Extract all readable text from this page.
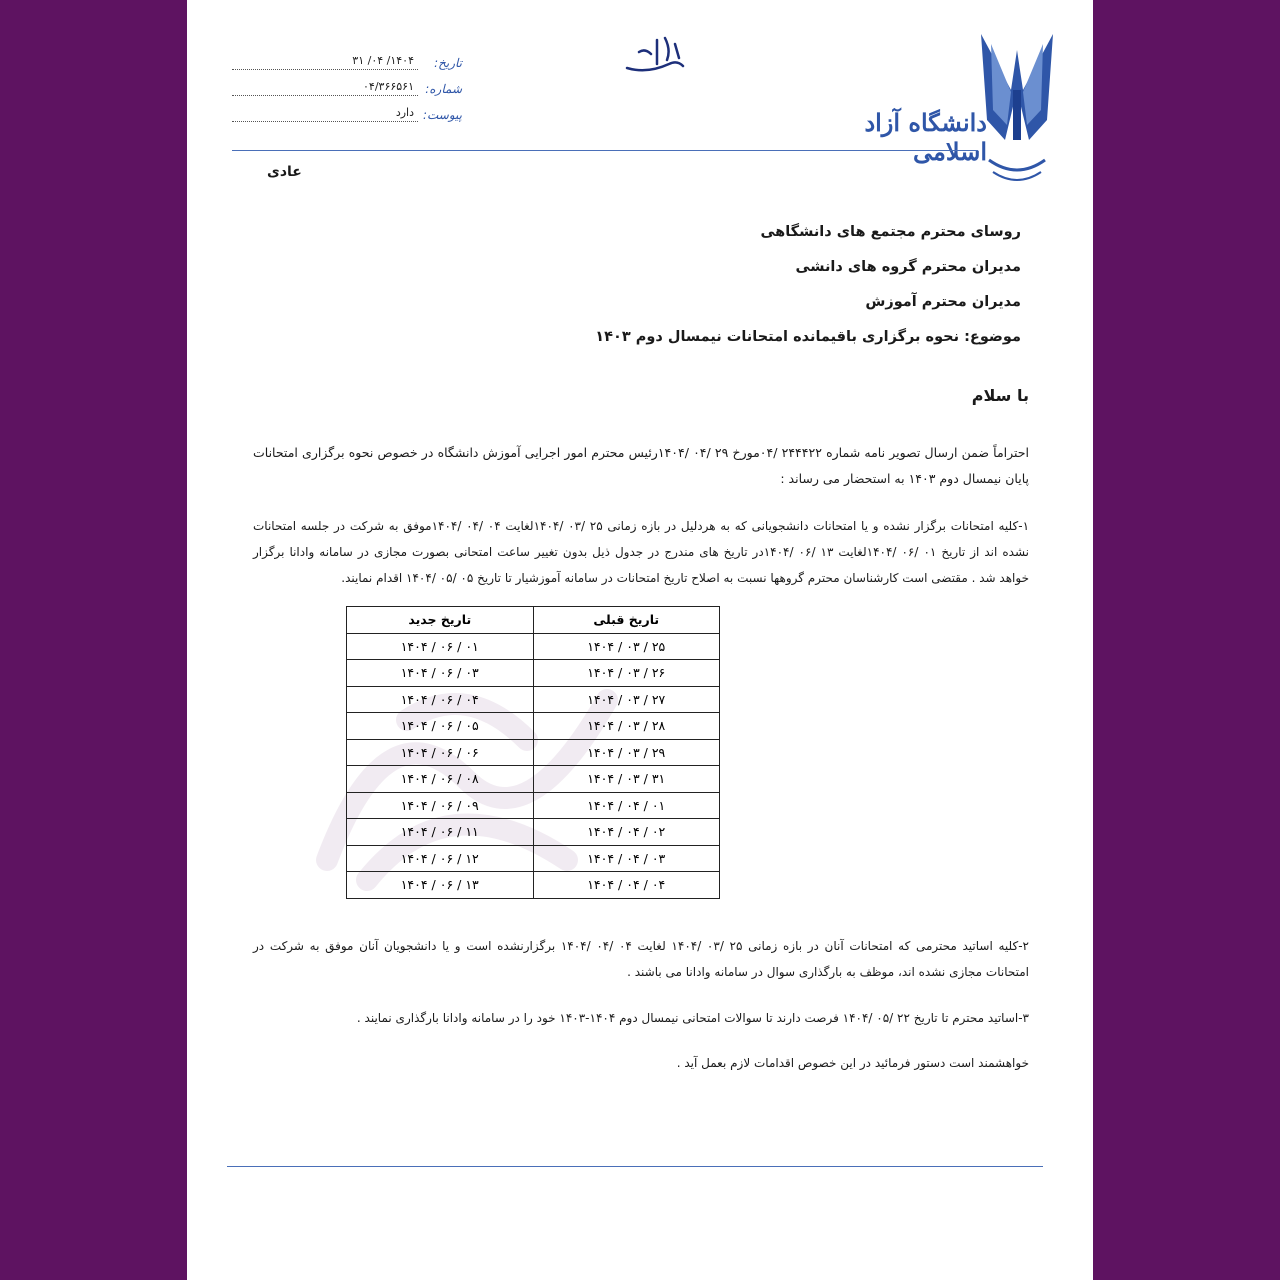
تاریخ:
۱۴۰۴/ ۰۴/ ۳۱
شماره:
۰۴/۳۶۶۵۶۱
پیوست:
دارد	دانشگاه آزاد اسلامی
عادی
روسای محترم مجتمع های دانشگاهی
مدیران محترم گروه های دانشی
مدیران محترم آموزش
موضوع: نحوه برگزاری باقیمانده امتحانات نیمسال دوم ۱۴۰۳
با سلام
احتراماً ضمن ارسال تصویر نامه شماره ۲۴۴۴۲۲ /۰۴مورخ ۲۹ /۰۴ /۱۴۰۴رئیس محترم امور اجرایی آموزش دانشگاه در خصوص نحوه برگزاری امتحانات پایان نیمسال دوم ۱۴۰۳ به استحضار می رساند :
۱-کلیه امتحانات برگزار نشده و یا امتحانات دانشجویانی که به هردلیل در بازه زمانی ۲۵ /۰۳ /۱۴۰۴لغایت ۰۴ /۰۴ /۱۴۰۴موفق به شرکت در جلسه امتحانات نشده اند از تاریخ ۰۱ /۰۶ /۱۴۰۴لغایت ۱۳ /۰۶ /۱۴۰۴در تاریخ های مندرج در جدول ذیل بدون تغییر ساعت امتحانی بصورت مجازی در سامانه وادانا برگزار خواهد شد . مقتضی است کارشناسان محترم گروهها نسبت به اصلاح تاریخ امتحانات در سامانه آموزشیار تا تاریخ ۰۵ /۰۵ /۱۴۰۴ اقدام نمایند.
تاریخ قبلی	تاریخ جدید
۲۵ / ۰۳ / ۱۴۰۴	۰۱ / ۰۶ / ۱۴۰۴
۲۶ / ۰۳ / ۱۴۰۴	۰۳ / ۰۶ / ۱۴۰۴
۲۷ / ۰۳ / ۱۴۰۴	۰۴ / ۰۶ / ۱۴۰۴
۲۸ / ۰۳ / ۱۴۰۴	۰۵ / ۰۶ / ۱۴۰۴
۲۹ / ۰۳ / ۱۴۰۴	۰۶ / ۰۶ / ۱۴۰۴
۳۱ / ۰۳ / ۱۴۰۴	۰۸ / ۰۶ / ۱۴۰۴
۰۱ / ۰۴ / ۱۴۰۴	۰۹ / ۰۶ / ۱۴۰۴
۰۲ / ۰۴ / ۱۴۰۴	۱۱ / ۰۶ / ۱۴۰۴
۰۳ / ۰۴ / ۱۴۰۴	۱۲ / ۰۶ / ۱۴۰۴
۰۴ / ۰۴ / ۱۴۰۴	۱۳ / ۰۶ / ۱۴۰۴
۲-کلیه اساتید محترمی که امتحانات آنان در بازه زمانی ۲۵ /۰۳ /۱۴۰۴ لغایت ۰۴ /۰۴ /۱۴۰۴ برگزارنشده است و یا دانشجویان آنان موفق به شرکت در امتحانات مجازی نشده اند، موظف به بارگذاری سوال در سامانه وادانا می باشند .
۳-اساتید محترم تا تاریخ ۲۲ /۰۵ /۱۴۰۴ فرصت دارند تا سوالات امتحانی نیمسال دوم ۱۴۰۴-۱۴۰۳ خود را در سامانه وادانا بارگذاری نمایند .
خواهشمند است دستور فرمائید در این خصوص اقدامات لازم بعمل آید .
